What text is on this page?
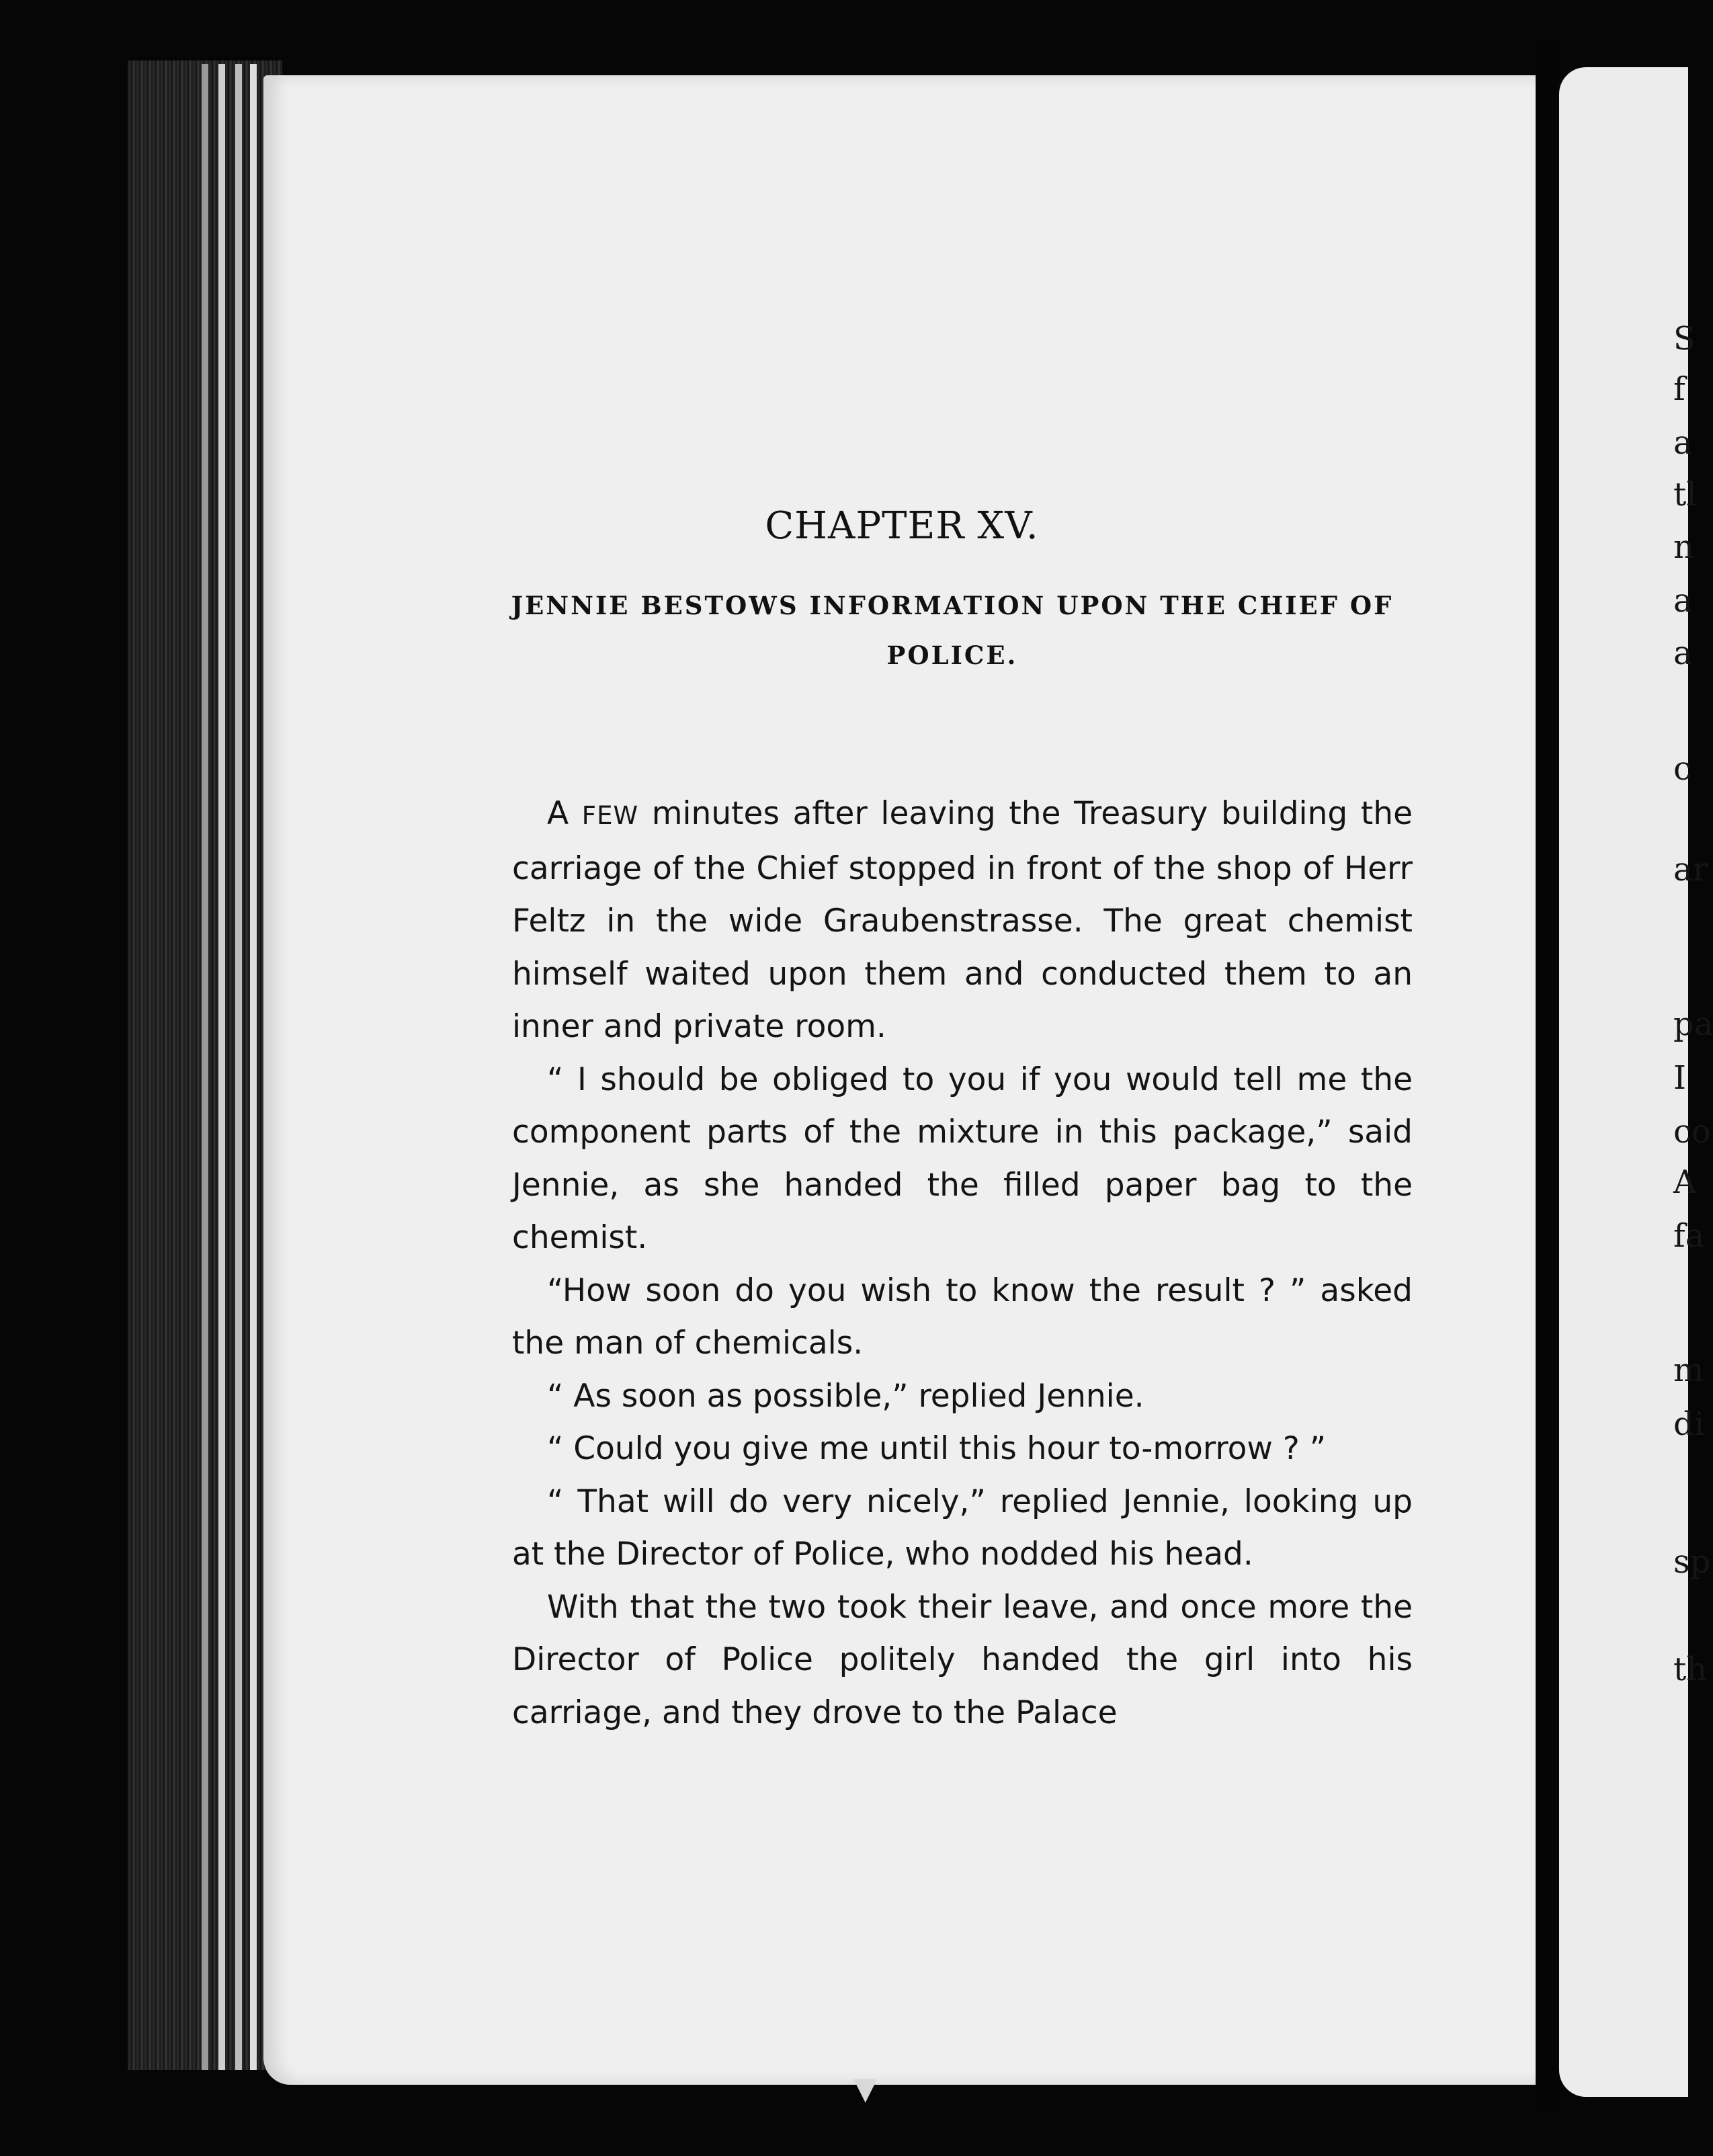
CHAPTER XV.
JENNIE BESTOWS INFORMATION UPON THE CHIEF OF POLICE.

A FEW minutes after leaving the Treasury building the carriage of the Chief stopped in front of the shop of Herr Feltz in the wide Graubenstrasse. The great chemist himself waited upon them and conducted them to an inner and private room.

“ I should be obliged to you if you would tell me the component parts of the mixture in this package,” said Jennie, as she handed the filled paper bag to the chemist.

“How soon do you wish to know the result ? ” asked the man of chemicals.

“ As soon as possible,” replied Jennie.

“ Could you give me until this hour to-morrow ? ”

“ That will do very nicely,” replied Jennie, looking up at the Director of Police, who nodded his head.

With that the two took their leave, and once more the Director of Police politely handed the girl into his carriage, and they drove to the Palace

S
f
a
tl
n
a
a
c
ar
pa
I
co
A
fa
m
di
sp
th
▼
